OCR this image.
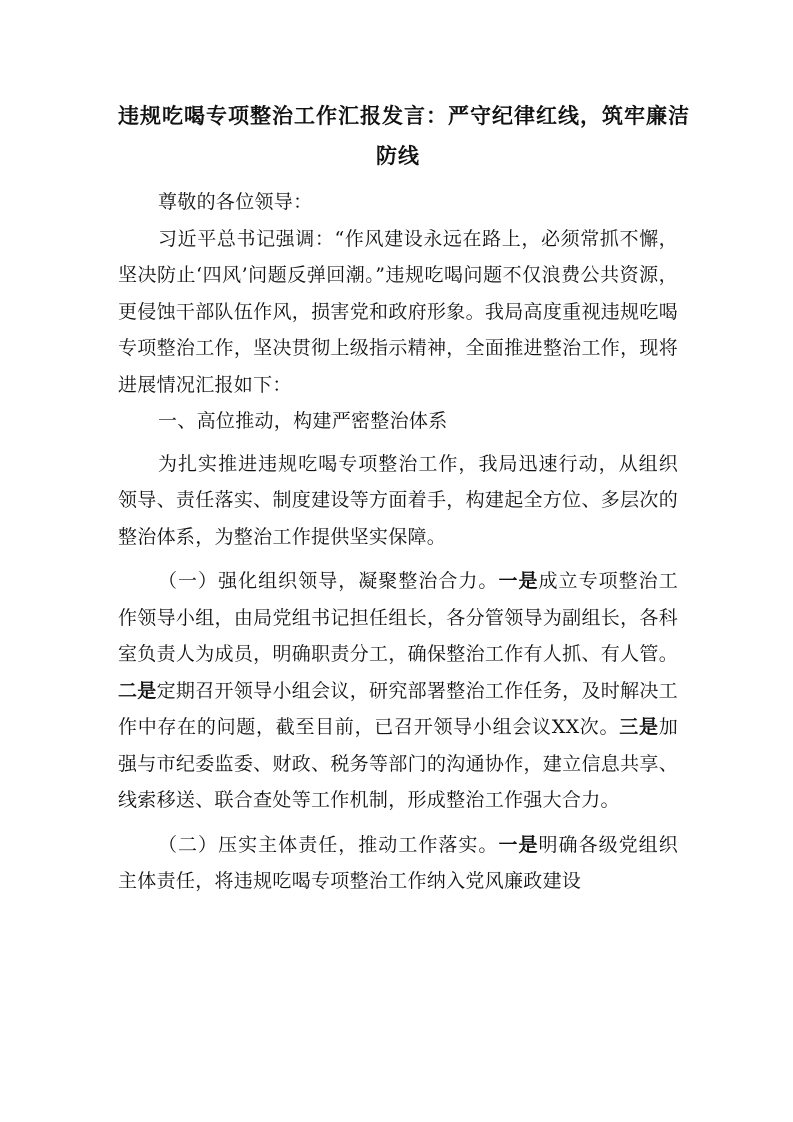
违规吃喝专项整治工作汇报发言：严守纪律红线，筑牢廉洁
防线

尊敬的各位领导：

习近平总书记强调：“作风建设永远在路上，必须常抓不懈，坚决防止‘四风’问题反弹回潮。”违规吃喝问题不仅浪费公共资源，更侵蚀干部队伍作风，损害党和政府形象。我局高度重视违规吃喝专项整治工作，坚决贯彻上级指示精神，全面推进整治工作，现将进展情况汇报如下：

一、高位推动，构建严密整治体系

为扎实推进违规吃喝专项整治工作，我局迅速行动，从组织领导、责任落实、制度建设等方面着手，构建起全方位、多层次的整治体系，为整治工作提供坚实保障。

（一）强化组织领导，凝聚整治合力。一是成立专项整治工作领导小组，由局党组书记担任组长，各分管领导为副组长，各科室负责人为成员，明确职责分工，确保整治工作有人抓、有人管。二是定期召开领导小组会议，研究部署整治工作任务，及时解决工作中存在的问题，截至目前，已召开领导小组会议XX次。三是加强与市纪委监委、财政、税务等部门的沟通协作，建立信息共享、线索移送、联合查处等工作机制，形成整治工作强大合力。

（二）压实主体责任，推动工作落实。一是明确各级党组织主体责任，将违规吃喝专项整治工作纳入党风廉政建设
